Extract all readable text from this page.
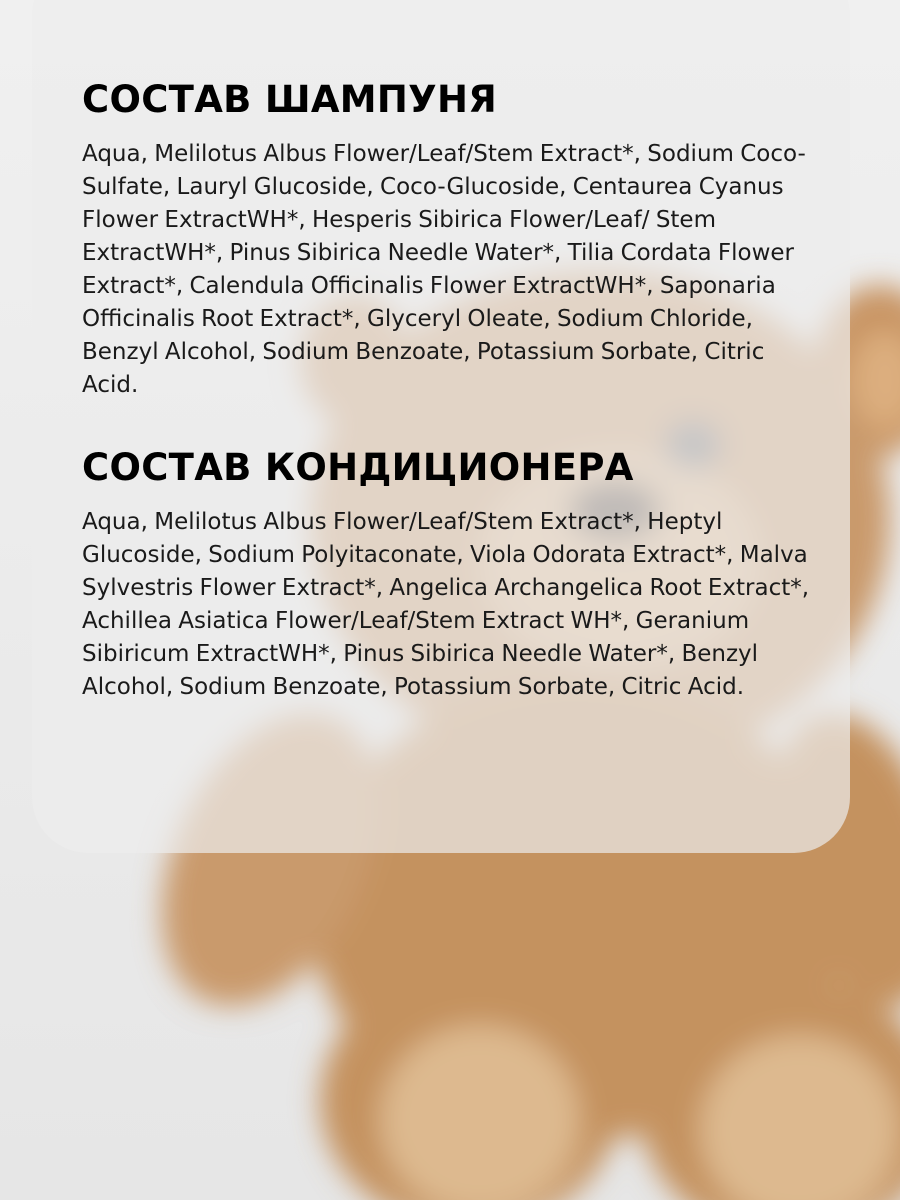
СОСТАВ ШАМПУНЯ

Aqua, Melilotus Albus Flower/Leaf/Stem Extract*, Sodium Coco-Sulfate, Lauryl Glucoside, Coco-Glucoside, Centaurea Cyanus Flower ExtractWH*, Hesperis Sibirica Flower/Leaf/ Stem ExtractWH*, Pinus Sibirica Needle Water*, Tilia Cordata Flower Extract*, Calendula Officinalis Flower ExtractWH*, Saponaria Officinalis Root Extract*, Glyceryl Oleate, Sodium Chloride, Benzyl Alcohol, Sodium Benzoate, Potassium Sorbate, Citric Acid.

СОСТАВ КОНДИЦИОНЕРА

Aqua, Melilotus Albus Flower/Leaf/Stem Extract*, Heptyl Glucoside, Sodium Polyitaconate, Viola Odorata Extract*, Malva Sylvestris Flower Extract*, Angelica Archangelica Root Extract*, Achillea Asiatica Flower/Leaf/Stem Extract WH*, Geranium Sibiricum ExtractWH*, Pinus Sibirica Needle Water*, Benzyl Alcohol, Sodium Benzoate, Potassium Sorbate, Citric Acid.
